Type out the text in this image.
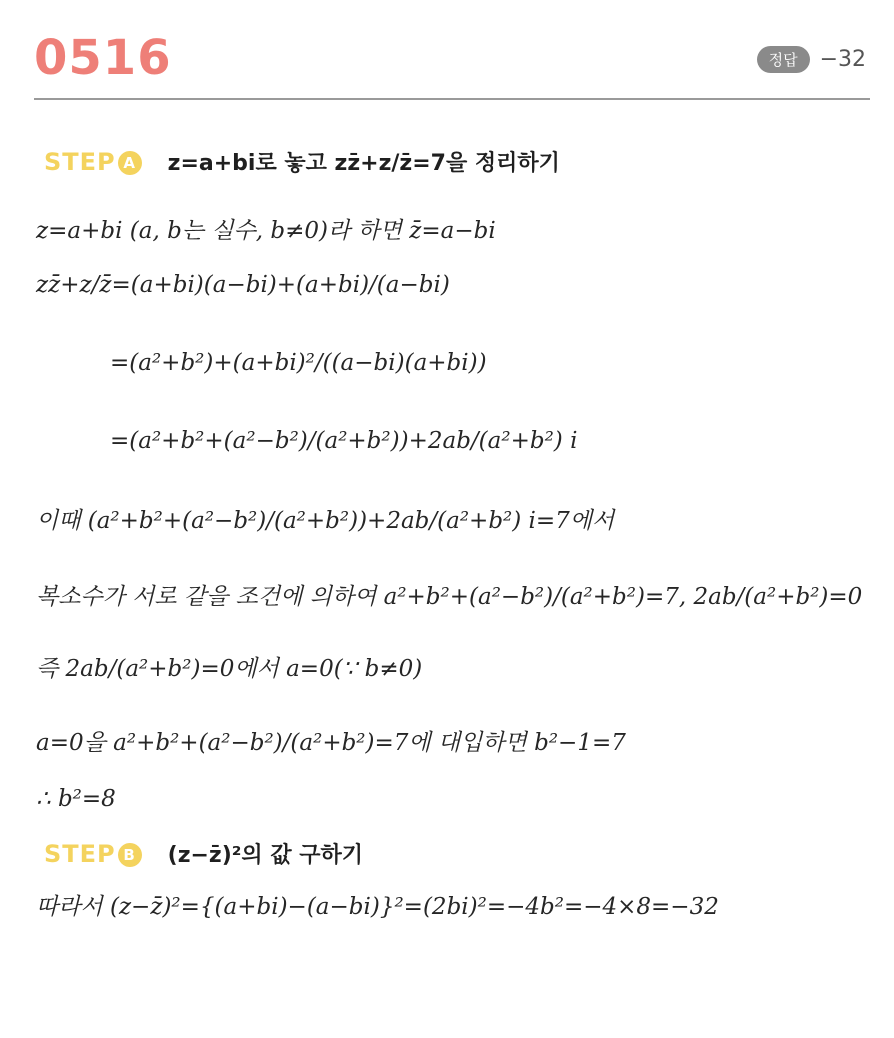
0516	정답	−32
STEP A z=a+bi로 놓고 zz̄+z/z̄=7을 정리하기
z=a+bi (a, b는 실수, b≠0)라 하면 z̄=a−bi
zz̄+z/z̄=(a+bi)(a−bi)+(a+bi)/(a−bi)
=(a²+b²)+(a+bi)²/((a−bi)(a+bi))
=(a²+b²+(a²−b²)/(a²+b²))+2ab/(a²+b²) i
이때 (a²+b²+(a²−b²)/(a²+b²))+2ab/(a²+b²) i=7에서
복소수가 서로 같을 조건에 의하여 a²+b²+(a²−b²)/(a²+b²)=7, 2ab/(a²+b²)=0
즉 2ab/(a²+b²)=0에서 a=0(∵ b≠0)
a=0을 a²+b²+(a²−b²)/(a²+b²)=7에 대입하면 b²−1=7
∴ b²=8
STEP B (z−z̄)²의 값 구하기
따라서 (z−z̄)²={(a+bi)−(a−bi)}²=(2bi)²=−4b²=−4×8=−32
